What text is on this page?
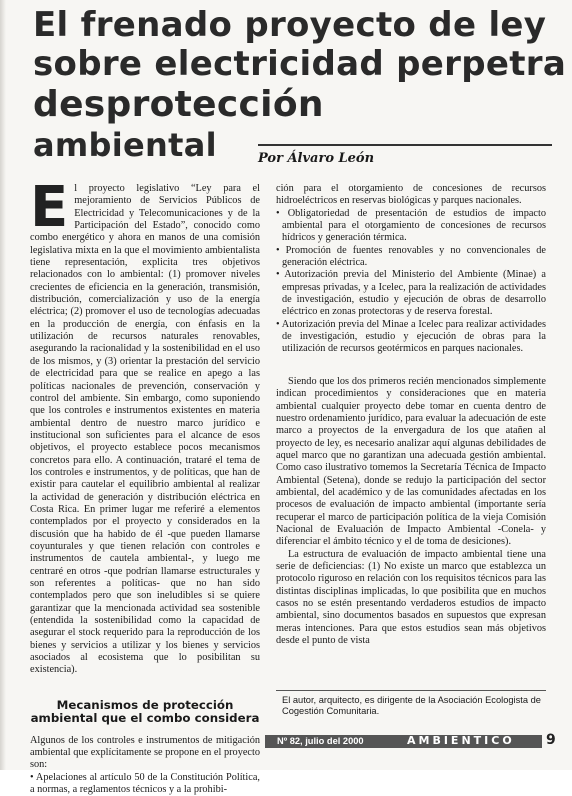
El frenado proyecto de ley
sobre electricidad perpetra
desprotección
ambiental	Por Álvaro León

El proyecto legislativo “Ley para el mejoramiento de Servicios Públicos de Electricidad y Telecomunicaciones y de la Participación del Estado”, conocido como combo energético y ahora en manos de una comisión legislativa mixta en la que el movimiento ambientalista tiene representación, explicita tres objetivos relacionados con lo ambiental: (1) promover niveles crecientes de eficiencia en la generación, transmisión, distribución, comercialización y uso de la energía eléctrica; (2) promover el uso de tecnologías adecuadas en la producción de energía, con énfasis en la utilización de recursos naturales renovables, asegurando la racionalidad y la sostenibilidad en el uso de los mismos, y (3) orientar la prestación del servicio de electricidad para que se realice en apego a las políticas nacionales de prevención, conservación y control del ambiente. Sin embargo, como suponiendo que los controles e instrumentos existentes en materia ambiental dentro de nuestro marco jurídico e institucional son suficientes para el alcance de esos objetivos, el proyecto establece pocos mecanismos concretos para ello. A continuación, trataré el tema de los controles e instrumentos, y de políticas, que han de existir para cautelar el equilibrio ambiental al realizar la actividad de generación y distribución eléctrica en Costa Rica. En primer lugar me referiré a elementos contemplados por el proyecto y considerados en la discusión que ha habido de él -que pueden llamarse coyunturales y que tienen relación con controles e instrumentos de cautela ambiental-, y luego me centraré en otros -que podrían llamarse estructurales y son referentes a políticas- que no han sido contemplados pero que son ineludibles si se quiere garantizar que la mencionada actividad sea sostenible (entendida la sostenibilidad como la capacidad de asegurar el stock requerido para la reproducción de los bienes y servicios a utilizar y los bienes y servicios asociados al ecosistema que lo posibilitan su existencia).

Mecanismos de protección
ambiental que el combo considera

Algunos de los controles e instrumentos de mitigación ambiental que explícitamente se propone en el proyecto son:

• Apelaciones al artículo 50 de la Constitución Política, a normas, a reglamentos técnicos y a la prohibi-

ción para el otorgamiento de concesiones de recursos hidroeléctricos en reservas biológicas y parques nacionales.

• Obligatoriedad de presentación de estudios de impacto ambiental para el otorgamiento de concesiones de recursos hídricos y generación térmica.
• Promoción de fuentes renovables y no convencionales de generación eléctrica.
• Autorización previa del Ministerio del Ambiente (Minae) a empresas privadas, y a Icelec, para la realización de actividades de investigación, estudio y ejecución de obras de desarrollo eléctrico en zonas protectoras y de reserva forestal.
• Autorización previa del Minae a Icelec para realizar actividades de investigación, estudio y ejecución de obras para la utilización de recursos geotérmicos en parques nacionales.

Siendo que los dos primeros recién mencionados simplemente indican procedimientos y consideraciones que en materia ambiental cualquier proyecto debe tomar en cuenta dentro de nuestro ordenamiento jurídico, para evaluar la adecuación de este marco a proyectos de la envergadura de los que atañen al proyecto de ley, es necesario analizar aquí algunas debilidades de aquel marco que no garantizan una adecuada gestión ambiental. Como caso ilustrativo tomemos la Secretaría Técnica de Impacto Ambiental (Setena), donde se redujo la participación del sector ambiental, del académico y de las comunidades afectadas en los procesos de evaluación de impacto ambiental (importante sería recuperar el marco de participación política de la vieja Comisión Nacional de Evaluación de Impacto Ambiental -Conela- y diferenciar el ámbito técnico y el de toma de desiciones).

La estructura de evaluación de impacto ambiental tiene una serie de deficiencias: (1) No existe un marco que establezca un protocolo riguroso en relación con los requisitos técnicos para las distintas disciplinas implicadas, lo que posibilita que en muchos casos no se estén presentando verdaderos estudios de impacto ambiental, sino documentos basados en supuestos que expresan meras intenciones. Para que estos estudios sean más objetivos desde el punto de vista

El autor, arquitecto, es dirigente de la Asociación Ecologista de Cogestión Comunitaria.
Nº 82, julio del 2000	AMBIENTICO 9
